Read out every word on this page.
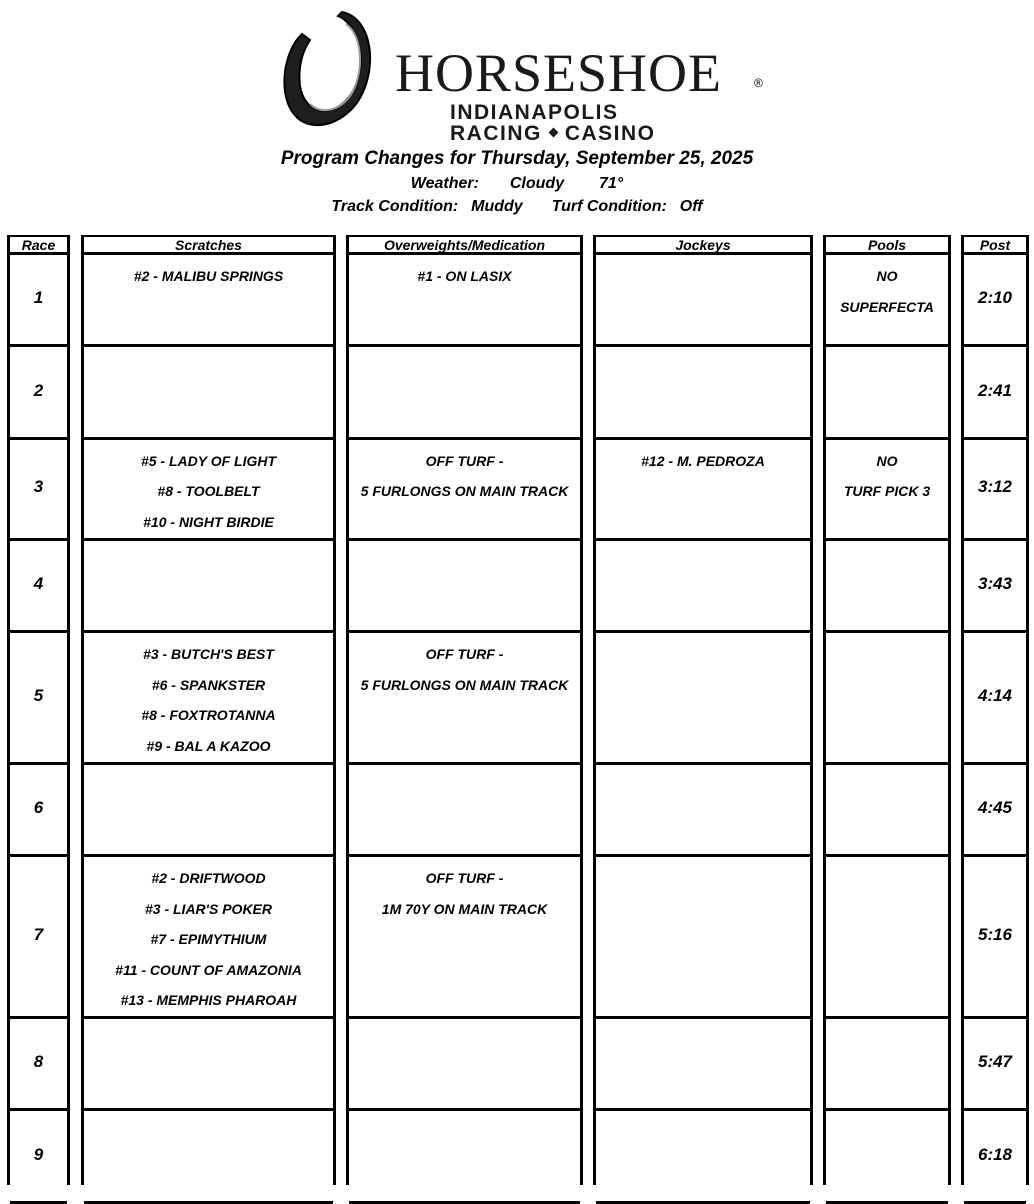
HORSESHOE	®
INDIANAPOLIS
RACING CASINO
Program Changes for Thursday, September 25, 2025
Weather: Cloudy 71°
Track Condition: Muddy Turf Condition: Off
Race
1
2
3
4
5
6
7
8
9
Scratches
#2 - MALIBU SPRINGS
#5 - LADY OF LIGHT
#8 - TOOLBELT
#10 - NIGHT BIRDIE
#3 - BUTCH'S BEST
#6 - SPANKSTER
#8 - FOXTROTANNA
#9 - BAL A KAZOO
#2 - DRIFTWOOD
#3 - LIAR'S POKER
#7 - EPIMYTHIUM
#11 - COUNT OF AMAZONIA
#13 - MEMPHIS PHAROAH
Overweights/Medication
#1 - ON LASIX
OFF TURF -
5 FURLONGS ON MAIN TRACK
OFF TURF -
5 FURLONGS ON MAIN TRACK
OFF TURF -
1M 70Y ON MAIN TRACK
Jockeys
#12 - M. PEDROZA
Pools
NO
SUPERFECTA
NO
TURF PICK 3
Post
2:10
2:41
3:12
3:43
4:14
4:45
5:16
5:47
6:18
